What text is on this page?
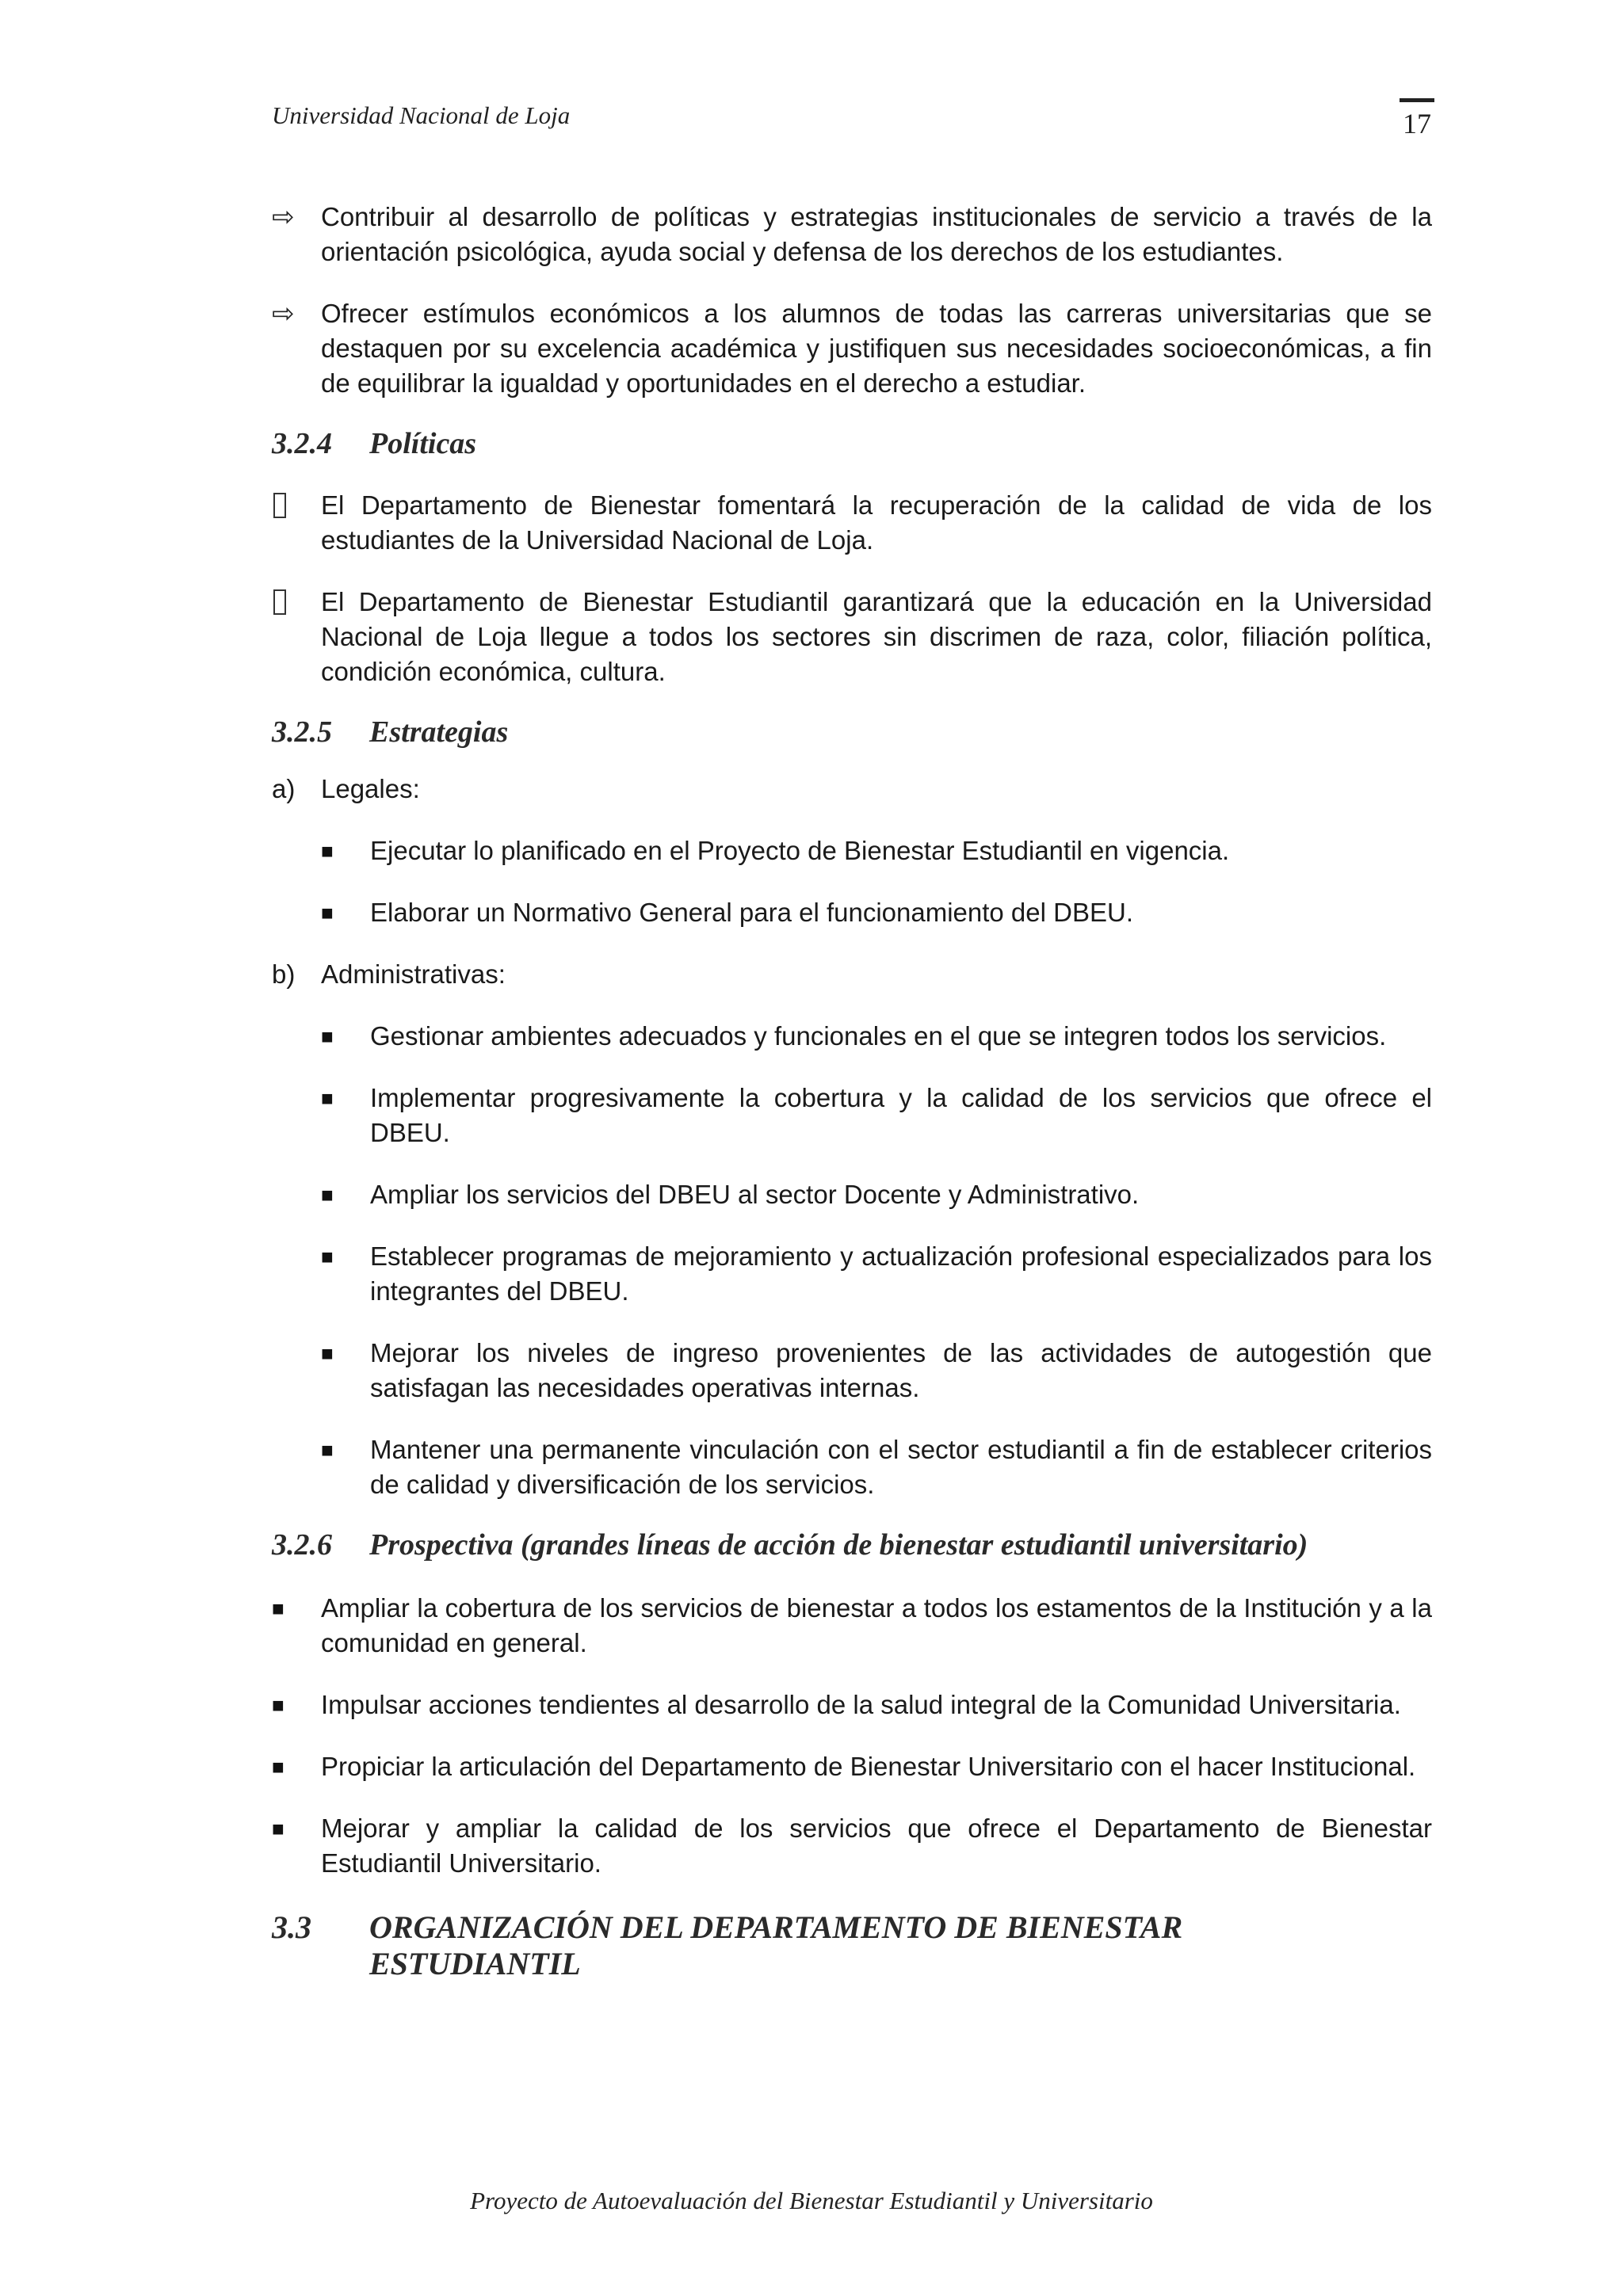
Universidad Nacional de Loja	17
⇨	Contribuir al desarrollo de políticas y estrategias institucionales de servicio a través de la orientación psicológica, ayuda social y defensa de los derechos de los estudiantes.
⇨	Ofrecer estímulos económicos a los alumnos de todas las carreras universitarias que se destaquen por su excelencia académica y justifiquen sus necesidades socioeconómicas, a fin de equilibrar la igualdad y oportunidades en el derecho a estudiar.
3.2.4	Políticas
El Departamento de Bienestar fomentará la recuperación de la calidad de vida de los estudiantes de la Universidad Nacional de Loja.
El Departamento de Bienestar Estudiantil garantizará que la educación en la Universidad Nacional de Loja llegue a todos los sectores sin discrimen de raza, color, filiación política, condición económica, cultura.
3.2.5	Estrategias
a) Legales:
■	Ejecutar lo planificado en el Proyecto de Bienestar Estudiantil en vigencia.
■	Elaborar un Normativo General para el funcionamiento del DBEU.
b) Administrativas:
■	Gestionar ambientes adecuados y funcionales en el que se integren todos los servicios.
■	Implementar progresivamente la cobertura y la calidad de los servicios que ofrece el DBEU.
■	Ampliar los servicios del DBEU al sector Docente y Administrativo.
■	Establecer programas de mejoramiento y actualización profesional especializados para los integrantes del DBEU.
■	Mejorar los niveles de ingreso provenientes de las actividades de autogestión que satisfagan las necesidades operativas internas.
■	Mantener una permanente vinculación con el sector estudiantil a fin de establecer criterios de calidad y diversificación de los servicios.
3.2.6	Prospectiva (grandes líneas de acción de bienestar estudiantil universitario)
■	Ampliar la cobertura de los servicios de bienestar a todos los estamentos de la Institución y a la comunidad en general.
■	Impulsar acciones tendientes al desarrollo de la salud integral de la Comunidad Universitaria.
■	Propiciar la articulación del Departamento de Bienestar Universitario con el hacer Institucional.
■	Mejorar y ampliar la calidad de los servicios que ofrece el Departamento de Bienestar Estudiantil Universitario.
3.3	ORGANIZACIÓN DEL DEPARTAMENTO DE BIENESTAR ESTUDIANTIL
Proyecto de Autoevaluación del Bienestar Estudiantil y Universitario
